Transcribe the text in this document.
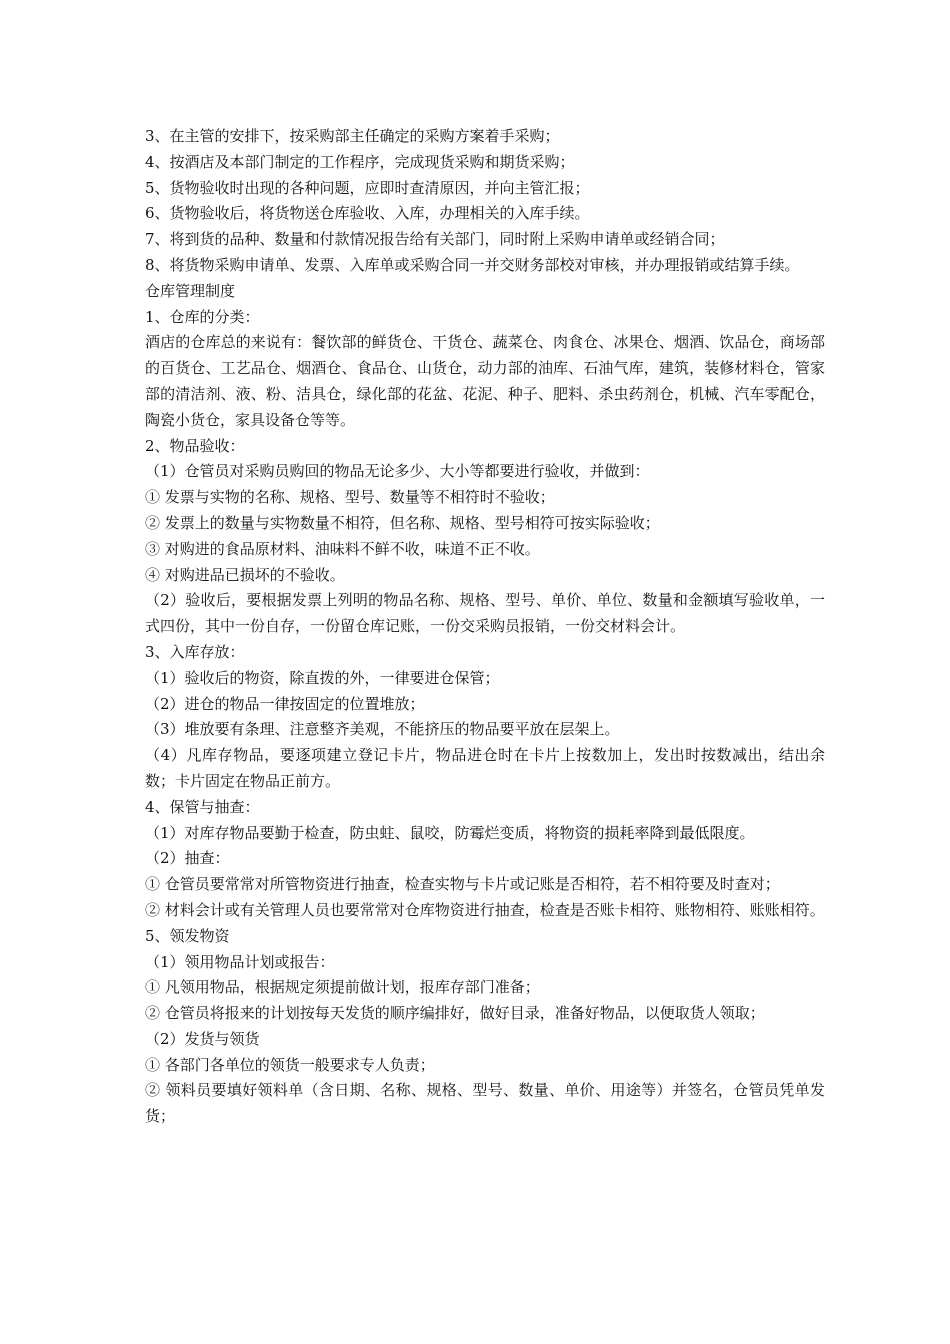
3、在主管的安排下，按采购部主任确定的采购方案着手采购；

4、按酒店及本部门制定的工作程序，完成现货采购和期货采购；

5、货物验收时出现的各种问题，应即时查清原因，并向主管汇报；

6、货物验收后，将货物送仓库验收、入库，办理相关的入库手续。

7、将到货的品种、数量和付款情况报告给有关部门，同时附上采购申请单或经销合同；

8、将货物采购申请单、发票、入库单或采购合同一并交财务部校对审核，并办理报销或结算手续。

仓库管理制度

1、仓库的分类：

酒店的仓库总的来说有：餐饮部的鲜货仓、干货仓、蔬菜仓、肉食仓、冰果仓、烟酒、饮品仓，商场部的百货仓、工艺品仓、烟酒仓、食品仓、山货仓，动力部的油库、石油气库，建筑，装修材料仓，管家部的清洁剂、液、粉、洁具仓，绿化部的花盆、花泥、种子、肥料、杀虫药剂仓，机械、汽车零配仓，陶瓷小货仓，家具设备仓等等。

2、物品验收：

（1）仓管员对采购员购回的物品无论多少、大小等都要进行验收，并做到：

① 发票与实物的名称、规格、型号、数量等不相符时不验收；

② 发票上的数量与实物数量不相符，但名称、规格、型号相符可按实际验收；

③ 对购进的食品原材料、油味料不鲜不收，味道不正不收。

④ 对购进品已损坏的不验收。

（2）验收后，要根据发票上列明的物品名称、规格、型号、单价、单位、数量和金额填写验收单，一式四份，其中一份自存，一份留仓库记账，一份交采购员报销，一份交材料会计。

3、入库存放：

（1）验收后的物资，除直拨的外，一律要进仓保管；

（2）进仓的物品一律按固定的位置堆放；

（3）堆放要有条理、注意整齐美观，不能挤压的物品要平放在层架上。

（4）凡库存物品，要逐项建立登记卡片，物品进仓时在卡片上按数加上，发出时按数减出，结出余数；卡片固定在物品正前方。

4、保管与抽查：

（1）对库存物品要勤于检查，防虫蛀、鼠咬，防霉烂变质，将物资的损耗率降到最低限度。

（2）抽查：

① 仓管员要常常对所管物资进行抽查，检查实物与卡片或记账是否相符，若不相符要及时查对；

② 材料会计或有关管理人员也要常常对仓库物资进行抽查，检查是否账卡相符、账物相符、账账相符。

5、领发物资

（1）领用物品计划或报告：

① 凡领用物品，根据规定须提前做计划，报库存部门准备；

② 仓管员将报来的计划按每天发货的顺序编排好，做好目录，准备好物品，以便取货人领取；

（2）发货与领货

① 各部门各单位的领货一般要求专人负责；

② 领料员要填好领料单（含日期、名称、规格、型号、数量、单价、用途等）并签名，仓管员凭单发货；
